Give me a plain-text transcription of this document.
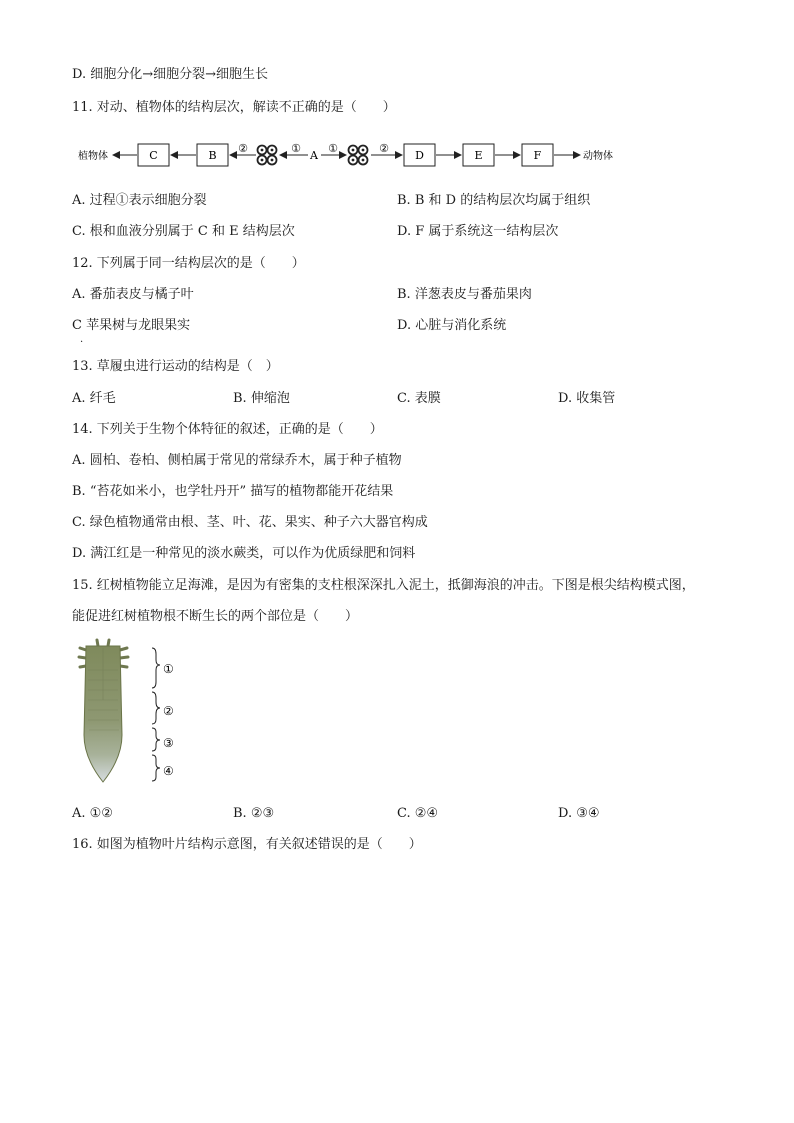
D. 细胞分化→细胞分裂→细胞生长
11. 对动、植物体的结构层次，解读不正确的是（　　）
植物体	C	B
②	①
A
①	②
D	E	F	动物体
A. 过程①表示细胞分裂	B. B 和 D 的结构层次均属于组织
C. 根和血液分别属于 C 和 E 结构层次	D. F 属于系统这一结构层次
12. 下列属于同一结构层次的是（　　）
A. 番茄表皮与橘子叶	B. 洋葱表皮与番茄果肉
C 苹果树与龙眼果实
.
D. 心脏与消化系统
13. 草履虫进行运动的结构是（　）
A. 纤毛	B. 伸缩泡	C. 表膜	D. 收集管
14. 下列关于生物个体特征的叙述，正确的是（　　）
A. 圆柏、卷柏、侧柏属于常见的常绿乔木，属于种子植物
B. “苔花如米小，也学牡丹开” 描写的植物都能开花结果
C. 绿色植物通常由根、茎、叶、花、果实、种子六大器官构成
D. 满江红是一种常见的淡水蕨类，可以作为优质绿肥和饲料
15. 红树植物能立足海滩，是因为有密集的支柱根深深扎入泥土，抵御海浪的冲击。下图是根尖结构模式图，
能促进红树植物根不断生长的两个部位是（　　）
①
②
③
④
A. ①②	B. ②③	C. ②④	D. ③④
16. 如图为植物叶片结构示意图，有关叙述错误的是（　　）
